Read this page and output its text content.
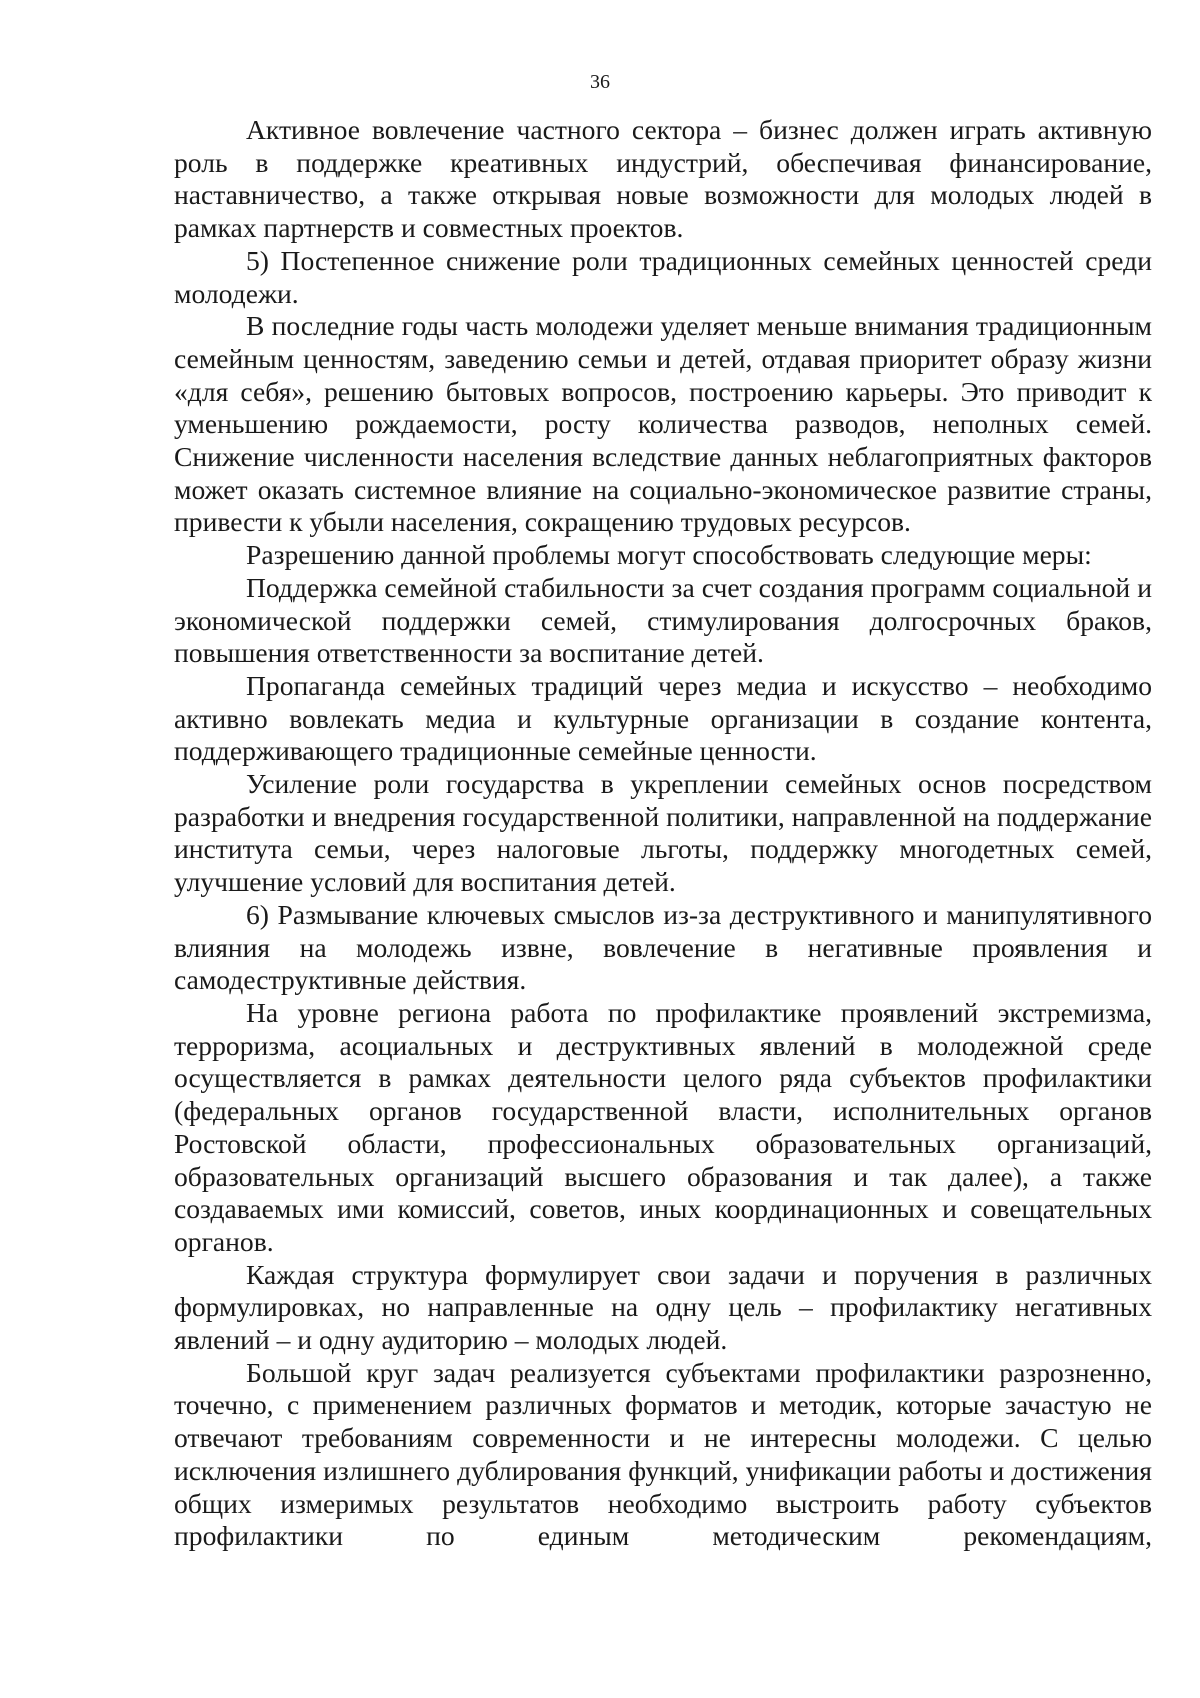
36

Активное вовлечение частного сектора – бизнес должен играть активную роль в поддержке креативных индустрий, обеспечивая финансирование, наставничество, а также открывая новые возможности для молодых людей в рамках партнерств и совместных проектов.

5) Постепенное снижение роли традиционных семейных ценностей среди молодежи.

В последние годы часть молодежи уделяет меньше внимания традиционным семейным ценностям, заведению семьи и детей, отдавая приоритет образу жизни «для себя», решению бытовых вопросов, построению карьеры. Это приводит к уменьшению рождаемости, росту количества разводов, неполных семей. Снижение численности населения вследствие данных неблагоприятных факторов может оказать системное влияние на социально-экономическое развитие страны, привести к убыли населения, сокращению трудовых ресурсов.

Разрешению данной проблемы могут способствовать следующие меры:

Поддержка семейной стабильности за счет создания программ социальной и экономической поддержки семей, стимулирования долгосрочных браков, повышения ответственности за воспитание детей.

Пропаганда семейных традиций через медиа и искусство – необходимо активно вовлекать медиа и культурные организации в создание контента, поддерживающего традиционные семейные ценности.

Усиление роли государства в укреплении семейных основ посредством разработки и внедрения государственной политики, направленной на поддержание института семьи, через налоговые льготы, поддержку многодетных семей, улучшение условий для воспитания детей.

6) Размывание ключевых смыслов из-за деструктивного и манипулятивного влияния на молодежь извне, вовлечение в негативные проявления и самодеструктивные действия.

На уровне региона работа по профилактике проявлений экстремизма, терроризма, асоциальных и деструктивных явлений в молодежной среде осуществляется в рамках деятельности целого ряда субъектов профилактики (федеральных органов государственной власти, исполнительных органов Ростовской области, профессиональных образовательных организаций, образовательных организаций высшего образования и так далее), а также создаваемых ими комиссий, советов, иных координационных и совещательных органов.

Каждая структура формулирует свои задачи и поручения в различных формулировках, но направленные на одну цель – профилактику негативных явлений – и одну аудиторию – молодых людей.

Большой круг задач реализуется субъектами профилактики разрозненно, точечно, с применением различных форматов и методик, которые зачастую не отвечают требованиям современности и не интересны молодежи. С целью исключения излишнего дублирования функций, унификации работы и достижения общих измеримых результатов необходимо выстроить работу субъектов профилактики по единым методическим рекомендациям,
